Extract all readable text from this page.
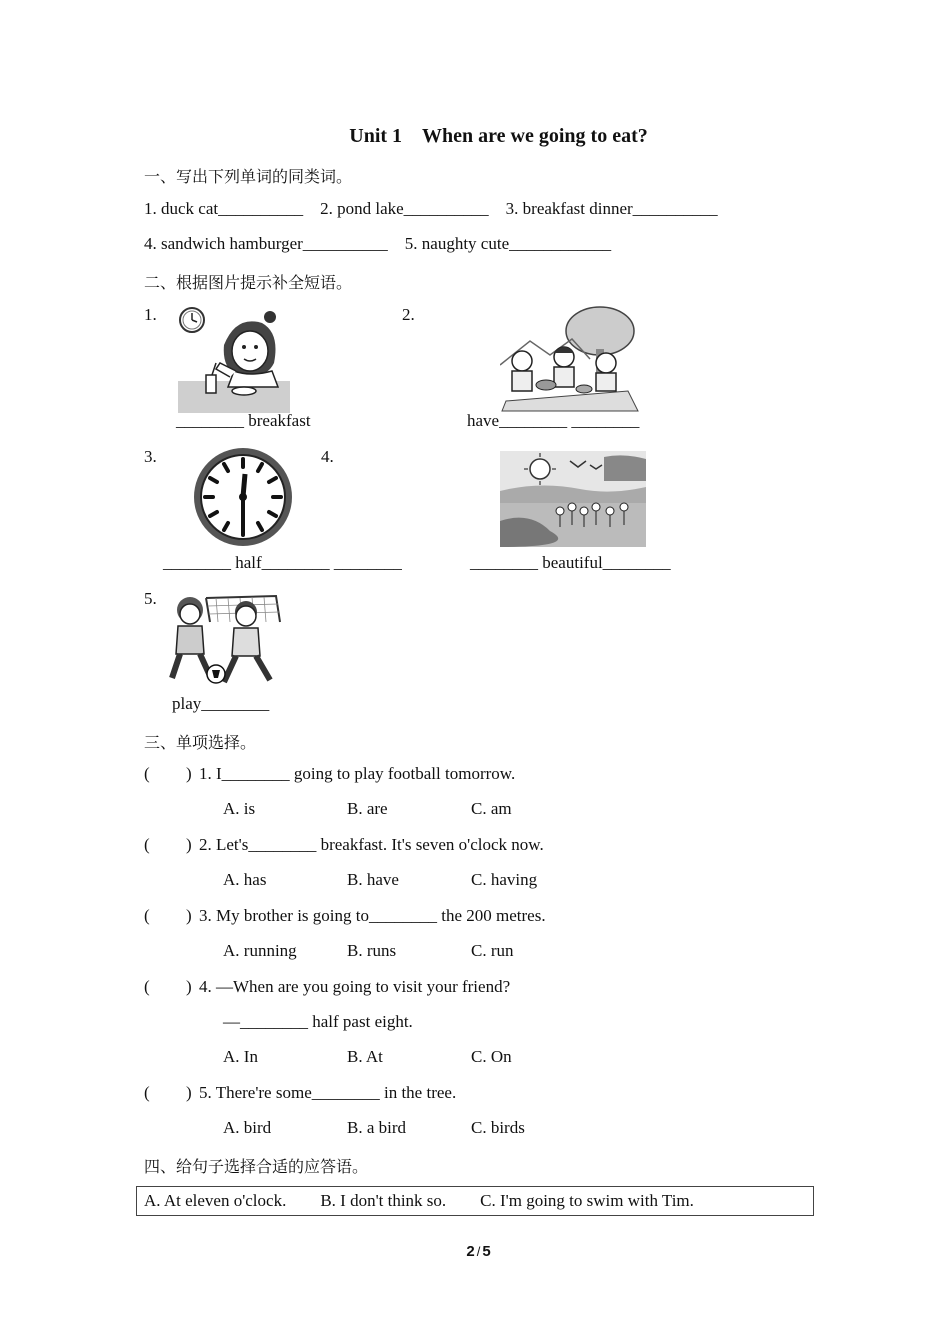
Unit 1 When are we going to eat?
一、写出下列单词的同类词。
1. duck cat__________ 2. pond lake__________ 3. breakfast dinner__________
4. sandwich hamburger__________ 5. naughty cute____________
二、根据图片提示补全短语。
1.
________ breakfast
2.
have________ ________
3.	4.
________ half________ ________	________ beautiful________
5.
play________
三、单项选择。
( ) 1. I________ going to play football tomorrow.
A. is	B. are	C. am
( ) 2. Let's________ breakfast. It's seven o'clock now.
A. has	B. have	C. having
( ) 3. My brother is going to________ the 200 metres.
A. running	B. runs	C. run
( ) 4. —When are you going to visit your friend?
—________ half past eight.
A. In	B. At	C. On
( ) 5. There're some________ in the tree.
A. bird	B. a bird	C. birds
四、给句子选择合适的应答语。
A. At eleven o'clock.  B. I don't think so.  C. I'm going to swim with Tim.
2 / 5
